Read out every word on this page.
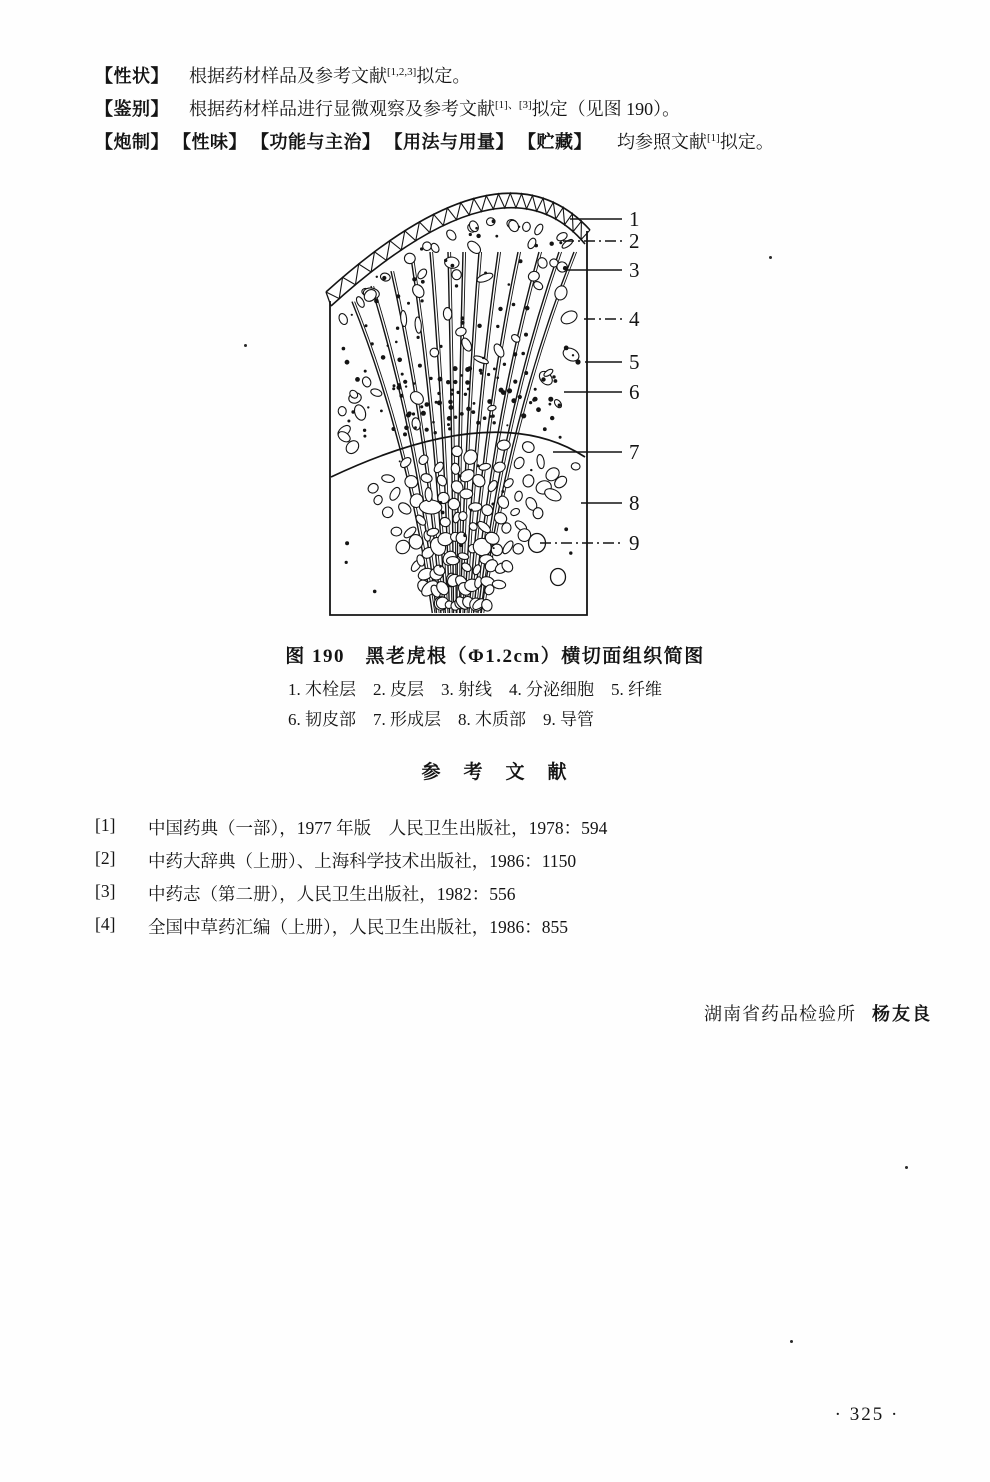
【性状】 根据药材样品及参考文献[1,2,3]拟定。
【鉴别】 根据药材样品进行显微观察及参考文献[1]、[3]拟定（见图 190）。
【炮制】 【性味】 【功能与主治】 【用法与用量】 【贮藏】 均参照文献[1]拟定。
1
2
3
4
5
6
7
8
9
图 190　黑老虎根（Φ1.2cm）横切面组织简图
1. 木栓层 2. 皮层 3. 射线 4. 分泌细胞 5. 纤维
6. 韧皮部 7. 形成层 8. 木质部 9. 导管
参　考　文　献
[1]	中国药典（一部），1977 年版　人民卫生出版社，1978：594
[2]	中药大辞典（上册）、上海科学技术出版社，1986：1150
[3]	中药志（第二册），人民卫生出版社，1982：556
[4]	全国中草药汇编（上册），人民卫生出版社，1986：855
湖南省药品检验所 杨友良
· 325 ·
